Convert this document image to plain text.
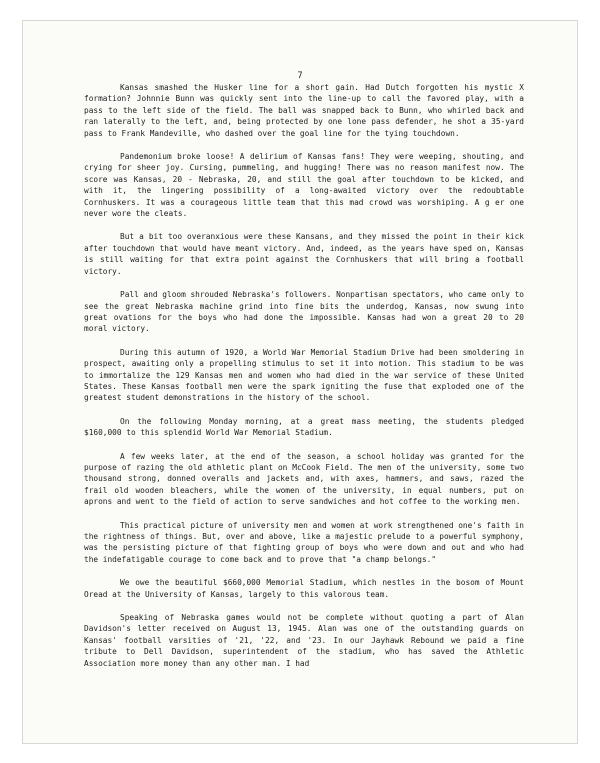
7

Kansas smashed the Husker line for a short gain. Had Dutch forgotten his mystic X formation? Johnnie Bunn was quickly sent into the line-up to call the favored play, with a pass to the left side of the field. The ball was snapped back to Bunn, who whirled back and ran laterally to the left, and, being protected by one lone pass defender, he shot a 35-yard pass to Frank Mandeville, who dashed over the goal line for the tying touchdown.

Pandemonium broke loose! A delirium of Kansas fans! They were weeping, shouting, and crying for sheer joy. Cursing, pummeling, and hugging! There was no reason manifest now. The score was Kansas, 20 - Nebraska, 20, and still the goal after touchdown to be kicked, and with it, the lingering possibility of a long-awaited victory over the redoubtable Cornhuskers. It was a courageous little team that this mad crowd was worshiping. A g er one never wore the cleats.

But a bit too overanxious were these Kansans, and they missed the point in their kick after touchdown that would have meant victory. And, indeed, as the years have sped on, Kansas is still waiting for that extra point against the Cornhuskers that will bring a football victory.

Pall and gloom shrouded Nebraska's followers. Nonpartisan spectators, who came only to see the great Nebraska machine grind into fine bits the underdog, Kansas, now swung into great ovations for the boys who had done the impossible. Kansas had won a great 20 to 20 moral victory.

During this autumn of 1920, a World War Memorial Stadium Drive had been smoldering in prospect, awaiting only a propelling stimulus to set it into motion. This stadium to be was to immortalize the 129 Kansas men and women who had died in the war service of these United States. These Kansas football men were the spark igniting the fuse that exploded one of the greatest student demonstrations in the history of the school.

On the following Monday morning, at a great mass meeting, the students pledged $160,000 to this splendid World War Memorial Stadium.

A few weeks later, at the end of the season, a school holiday was granted for the purpose of razing the old athletic plant on McCook Field. The men of the university, some two thousand strong, donned overalls and jackets and, with axes, hammers, and saws, razed the frail old wooden bleachers, while the women of the university, in equal numbers, put on aprons and went to the field of action to serve sandwiches and hot coffee to the working men.

This practical picture of university men and women at work strengthened one's faith in the rightness of things. But, over and above, like a majestic prelude to a powerful symphony, was the persisting picture of that fighting group of boys who were down and out and who had the indefatigable courage to come back and to prove that "a champ belongs."

We owe the beautiful $660,000 Memorial Stadium, which nestles in the bosom of Mount Oread at the University of Kansas, largely to this valorous team.

Speaking of Nebraska games would not be complete without quoting a part of Alan Davidson's letter received on August 13, 1945. Alan was one of the outstanding guards on Kansas' football varsities of '21, '22, and '23. In our Jayhawk Rebound we paid a fine tribute to Dell Davidson, superintendent of the stadium, who has saved the Athletic Association more money than any other man. I had
